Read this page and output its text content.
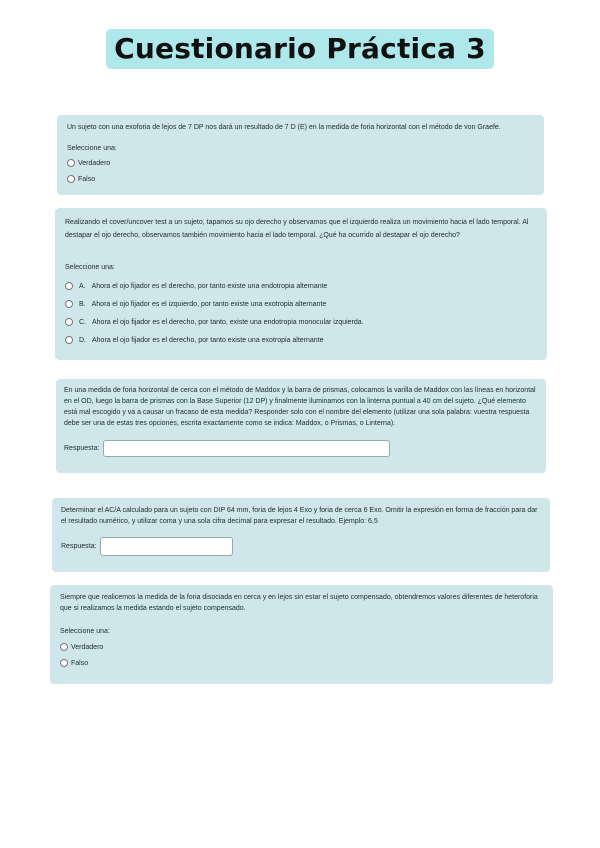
Cuestionario Práctica 3

Un sujeto con una exoforia de lejos de 7 DP nos dará un resultado de 7 D (E) en la medida de foria horizontal con el método de von Graefe.

Seleccione una:
Verdadero
Falso

Realizando el cover/uncover test a un sujeto, tapamos su ojo derecho y observamos que el izquierdo realiza un movimiento hacia el lado temporal. Al destapar el ojo derecho, observamos también movimiento hacia el lado temporal. ¿Qué ha ocurrido al destapar el ojo derecho?

Seleccione una:
A. Ahora el ojo fijador es el derecho, por tanto existe una endotropia alternante
B. Ahora el ojo fijador es el izquierdo, por tanto existe una exotropia alternante
C. Ahora el ojo fijador es el derecho, por tanto, existe una endotropia monocular izquierda.
D. Ahora el ojo fijador es el derecho, por tanto existe una exotropia alternante

En una medida de foria horizontal de cerca con el método de Maddox y la barra de prismas, colocamos la varilla de Maddox con las líneas en horizontal en el OD, luego la barra de prismas con la Base Superior (12 DP) y finalmente iluminamos con la linterna puntual a 40 cm del sujeto. ¿Qué elemento está mal escogido y va a causar un fracaso de esta medida? Responder solo con el nombre del elemento (utilizar una sola palabra: vuestra respuesta debe ser una de estas tres opciones, escrita exactamente como se indica: Maddox, o Prismas, o Linterna).

Respuesta:

Determinar el AC/A calculado para un sujeto con DIP 64 mm, foria de lejos 4 Exo y foria de cerca 6 Exo. Omitir la expresión en forma de fracción para dar el resultado numérico, y utilizar coma y una sola cifra decimal para expresar el resultado. Ejemplo: 6,5

Respuesta:

Siempre que realicemos la medida de la foria disociada en cerca y en lejos sin estar el sujeto compensado, obtendremos valores diferentes de heteroforia que si realizamos la medida estando el sujeto compensado.

Seleccione una:
Verdadero
Falso
